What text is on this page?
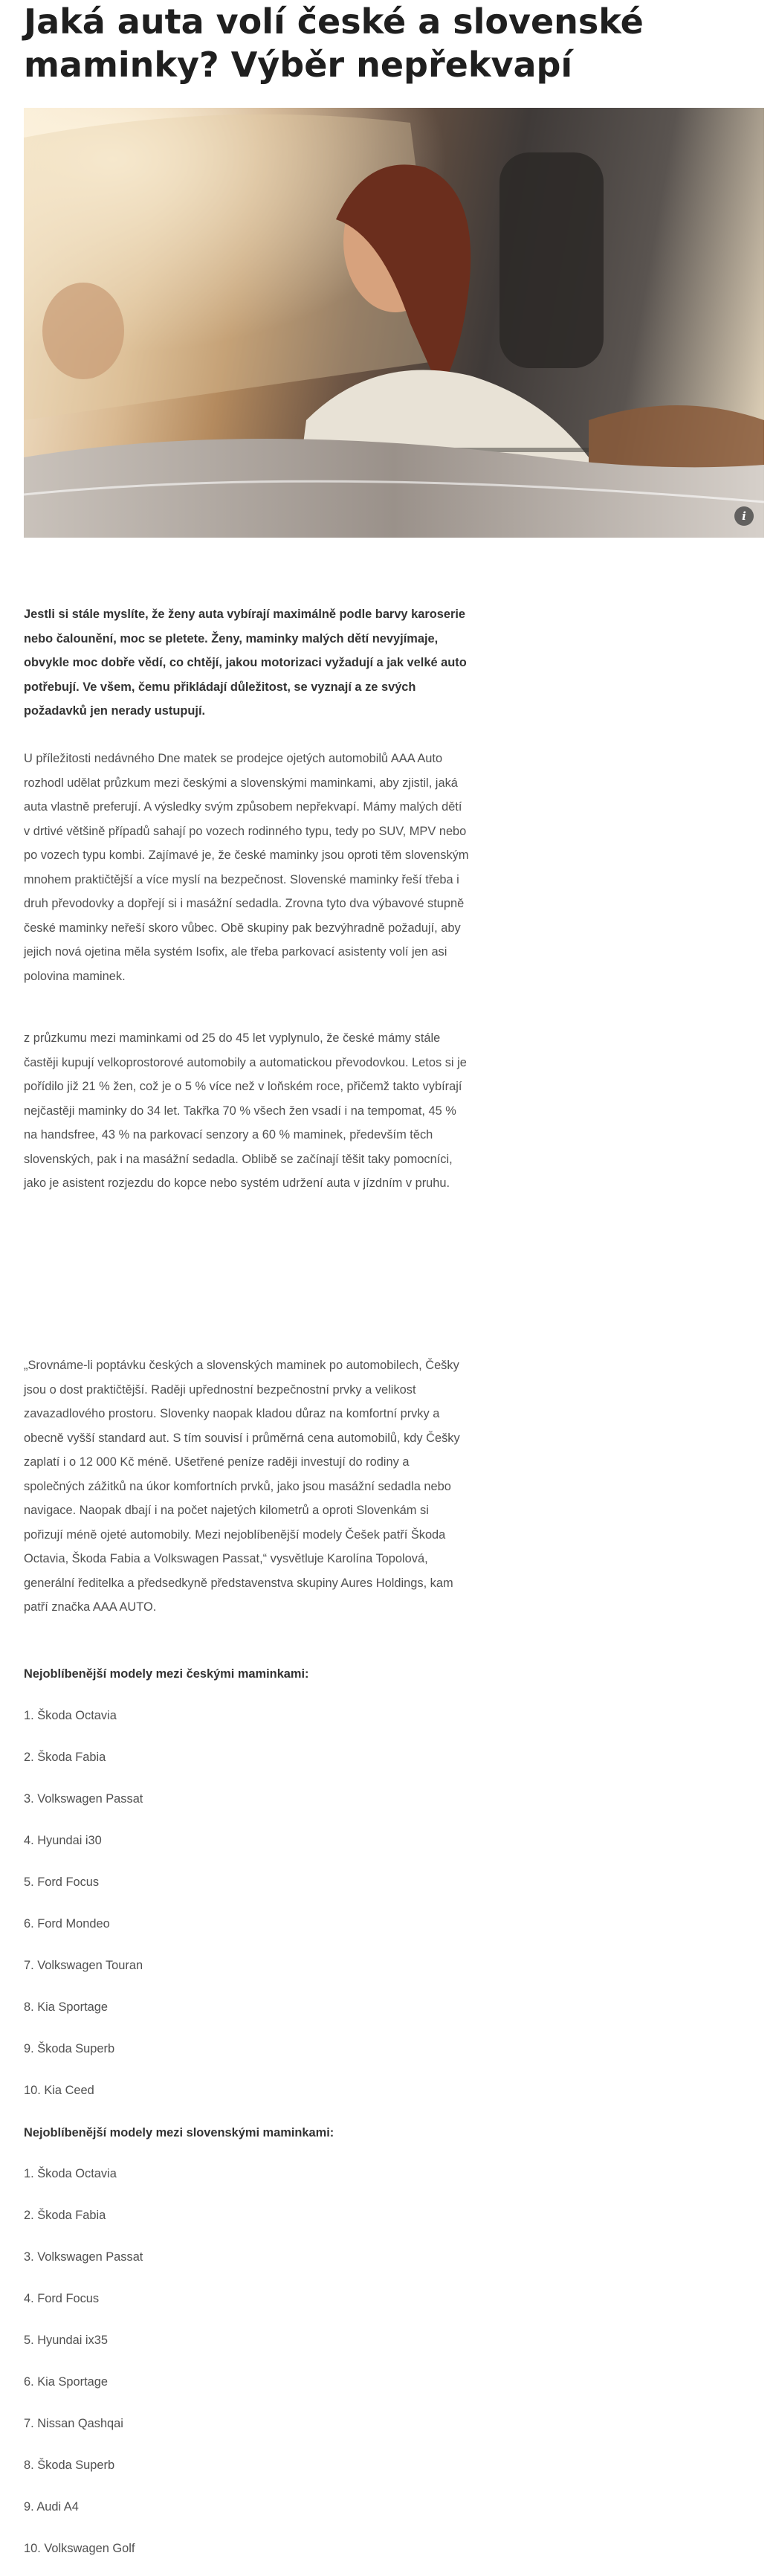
Jaká auta volí české a slovenské maminky? Výběr nepřekvapí
i

Jestli si stále myslíte, že ženy auta vybírají maximálně podle barvy karoserie nebo čalounění, moc se pletete. Ženy, maminky malých dětí nevyjímaje, obvykle moc dobře vědí, co chtějí, jakou motorizaci vyžadují a jak velké auto potřebují. Ve všem, čemu přikládají důležitost, se vyznají a ze svých požadavků jen nerady ustupují.

U příležitosti nedávného Dne matek se prodejce ojetých automobilů AAA Auto rozhodl udělat průzkum mezi českými a slovenskými maminkami, aby zjistil, jaká auta vlastně preferují. A výsledky svým způsobem nepřekvapí. Mámy malých dětí v drtivé většině případů sahají po vozech rodinného typu, tedy po SUV, MPV nebo po vozech typu kombi. Zajímavé je, že české maminky jsou oproti těm slovenským mnohem praktičtější a více myslí na bezpečnost. Slovenské maminky řeší třeba i druh převodovky a dopřejí si i masážní sedadla. Zrovna tyto dva výbavové stupně české maminky neřeší skoro vůbec. Obě skupiny pak bezvýhradně požadují, aby jejich nová ojetina měla systém Isofix, ale třeba parkovací asistenty volí jen asi polovina maminek.

z průzkumu mezi maminkami od 25 do 45 let vyplynulo, že české mámy stále častěji kupují velkoprostorové automobily a automatickou převodovkou. Letos si je pořídilo již 21 % žen, což je o 5 % více než v loňském roce, přičemž takto vybírají nejčastěji maminky do 34 let. Takřka 70 % všech žen vsadí i na tempomat, 45 % na handsfree, 43 % na parkovací senzory a 60 % maminek, především těch slovenských, pak i na masážní sedadla. Oblibě se začínají těšit taky pomocníci, jako je asistent rozjezdu do kopce nebo systém udržení auta v jízdním v pruhu.

„Srovnáme-li poptávku českých a slovenských maminek po automobilech, Češky jsou o dost praktičtější. Raději upřednostní bezpečnostní prvky a velikost zavazadlového prostoru. Slovenky naopak kladou důraz na komfortní prvky a obecně vyšší standard aut. S tím souvisí i průměrná cena automobilů, kdy Češky zaplatí i o 12 000 Kč méně. Ušetřené peníze raději investují do rodiny a společných zážitků na úkor komfortních prvků, jako jsou masážní sedadla nebo navigace. Naopak dbají i na počet najetých kilometrů a oproti Slovenkám si pořizují méně ojeté automobily. Mezi nejoblíbenější modely Češek patří Škoda Octavia, Škoda Fabia a Volkswagen Passat,“ vysvětluje Karolína Topolová, generální ředitelka a předsedkyně představenstva skupiny Aures Holdings, kam patří značka AAA AUTO.

Nejoblíbenější modely mezi českými maminkami:

1. Škoda Octavia
2. Škoda Fabia
3. Volkswagen Passat
4. Hyundai i30
5. Ford Focus
6. Ford Mondeo
7. Volkswagen Touran
8. Kia Sportage
9. Škoda Superb
10. Kia Ceed

Nejoblíbenější modely mezi slovenskými maminkami:

1. Škoda Octavia
2. Škoda Fabia
3. Volkswagen Passat
4. Ford Focus
5. Hyundai ix35
6. Kia Sportage
7. Nissan Qashqai
8. Škoda Superb
9. Audi A4
10. Volkswagen Golf
